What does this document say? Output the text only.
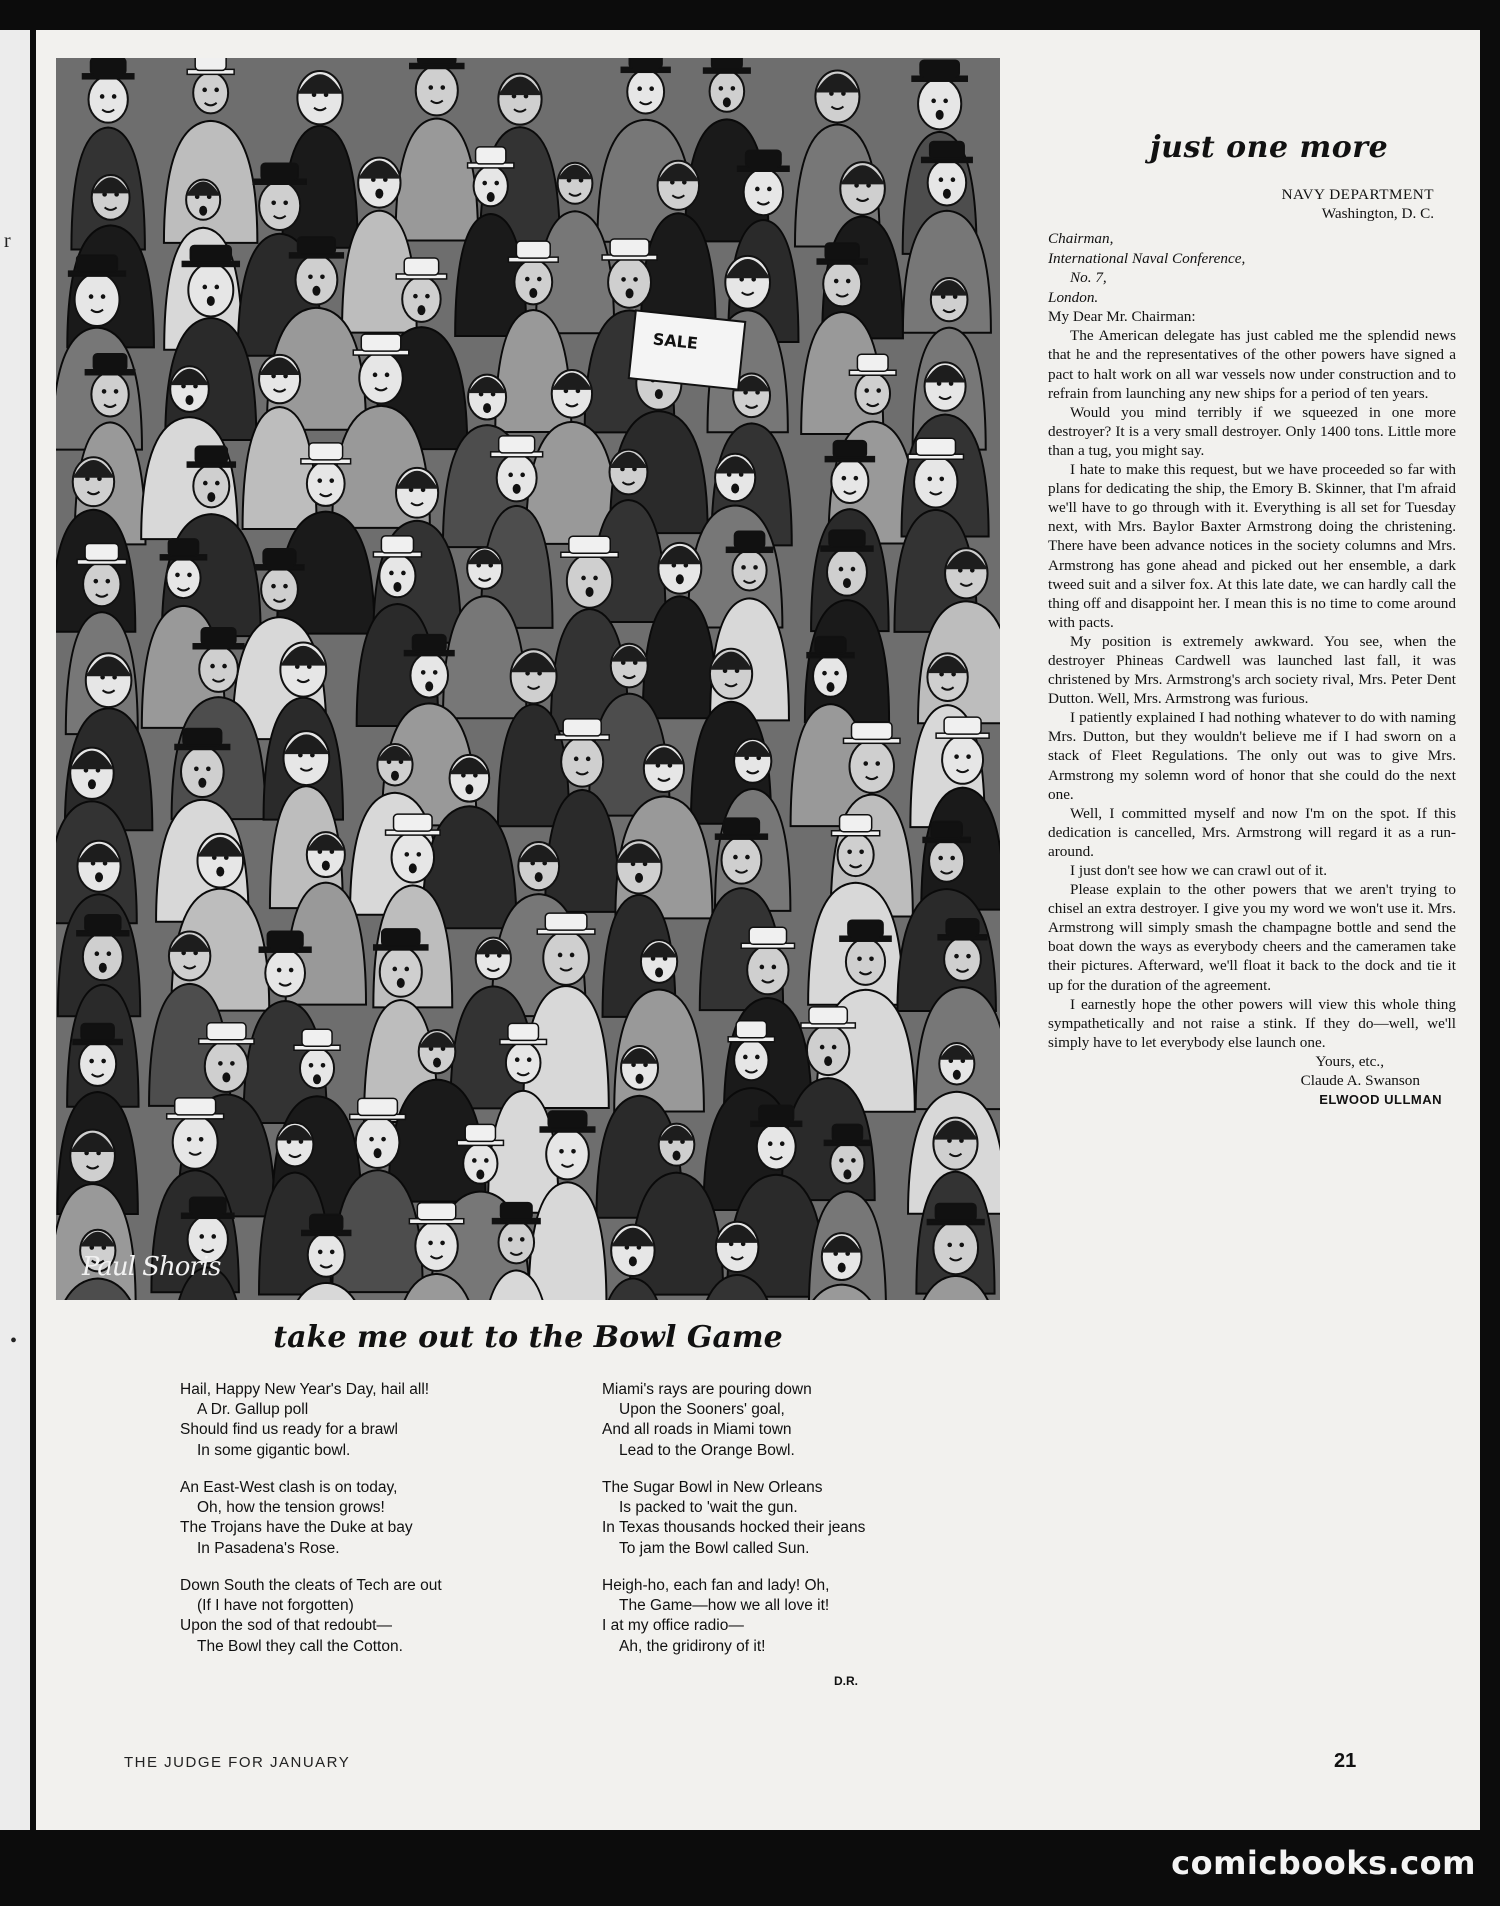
r
•
SALE
Paul Shoris
take me out to the Bowl Game
Hail, Happy New Year's Day, hail all!
A Dr. Gallup poll
Should find us ready for a brawl
In some gigantic bowl.
An East-West clash is on today,
Oh, how the tension grows!
The Trojans have the Duke at bay
In Pasadena's Rose.
Down South the cleats of Tech are out
(If I have not forgotten)
Upon the sod of that redoubt—
The Bowl they call the Cotton.
Miami's rays are pouring down
Upon the Sooners' goal,
And all roads in Miami town
Lead to the Orange Bowl.
The Sugar Bowl in New Orleans
Is packed to 'wait the gun.
In Texas thousands hocked their jeans
To jam the Bowl called Sun.
Heigh-ho, each fan and lady! Oh,
The Game—how we all love it!
I at my office radio—
Ah, the gridirony of it!
D.R.
just one more
NAVY DEPARTMENT
Washington, D. C.
Chairman,
International Naval Conference,
No. 7,
London.
My Dear Mr. Chairman:

The American delegate has just cabled me the splendid news that he and the representatives of the other powers have signed a pact to halt work on all war vessels now under construction and to refrain from launching any new ships for a period of ten years.

Would you mind terribly if we squeezed in one more destroyer? It is a very small destroyer. Only 1400 tons. Little more than a tug, you might say.

I hate to make this request, but we have proceeded so far with plans for dedicating the ship, the Emory B. Skinner, that I'm afraid we'll have to go through with it. Everything is all set for Tuesday next, with Mrs. Baylor Baxter Armstrong doing the christening. There have been advance notices in the society columns and Mrs. Armstrong has gone ahead and picked out her ensemble, a dark tweed suit and a silver fox. At this late date, we can hardly call the thing off and disappoint her. I mean this is no time to come around with pacts.

My position is extremely awkward. You see, when the destroyer Phineas Cardwell was launched last fall, it was christened by Mrs. Armstrong's arch society rival, Mrs. Peter Dent Dutton. Well, Mrs. Armstrong was furious.

I patiently explained I had nothing whatever to do with naming Mrs. Dutton, but they wouldn't believe me if I had sworn on a stack of Fleet Regulations. The only out was to give Mrs. Armstrong my solemn word of honor that she could do the next one.

Well, I committed myself and now I'm on the spot. If this dedication is cancelled, Mrs. Armstrong will regard it as a run-around.

I just don't see how we can crawl out of it.

Please explain to the other powers that we aren't trying to chisel an extra destroyer. I give you my word we won't use it. Mrs. Armstrong will simply smash the champagne bottle and send the boat down the ways as everybody cheers and the cameramen take their pictures. Afterward, we'll float it back to the dock and tie it up for the duration of the agreement.

I earnestly hope the other powers will view this whole thing sympathetically and not raise a stink. If they do—well, we'll simply have to let everybody else launch one.

Yours, etc.,
Claude A. Swanson
ELWOOD ULLMAN
THE JUDGE FOR JANUARY	21
comicbooks.com
